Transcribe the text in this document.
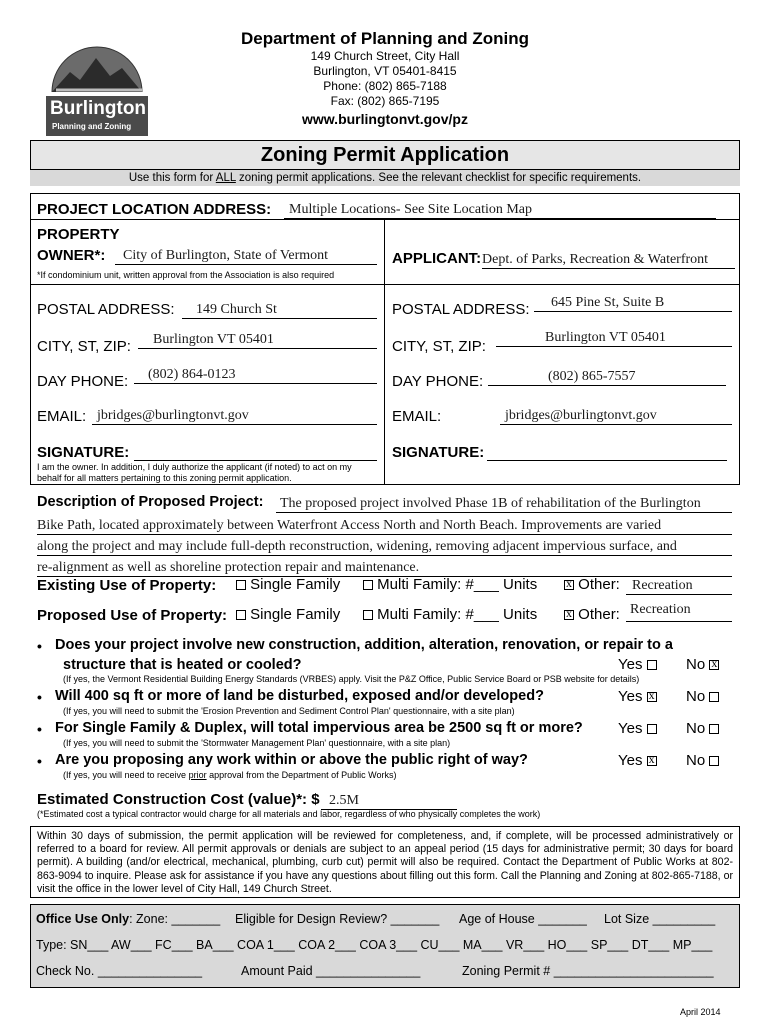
Burlington
Planning and Zoning
Department of Planning and Zoning
149 Church Street, City Hall
Burlington, VT 05401-8415
Phone: (802) 865-7188
Fax: (802) 865-7195
www.burlingtonvt.gov/pz
Zoning Permit Application
Use this form for ALL zoning permit applications. See the relevant checklist for specific requirements.
PROJECT LOCATION ADDRESS:	Multiple Locations- See Site Location Map
PROPERTY
OWNER*:	City of Burlington, State of Vermont
*If condominium unit, written approval from the Association is also required
APPLICANT: Dept. of Parks, Recreation & Waterfront
POSTAL ADDRESS:	149 Church St
CITY, ST, ZIP:	Burlington VT 05401
DAY PHONE:	(802) 864-0123
EMAIL: jbridges@burlingtonvt.gov
SIGNATURE:
I am the owner. In addition, I duly authorize the applicant (if noted) to act on my behalf for all matters pertaining to this zoning permit application.
POSTAL ADDRESS:	645 Pine St, Suite B
CITY, ST, ZIP:
Burlington VT 05401
DAY PHONE:	(802) 865-7557
EMAIL:	jbridges@burlingtonvt.gov
SIGNATURE:
Description of Proposed Project: The proposed project involved Phase 1B of rehabilitation of the Burlington
Bike Path, located approximately between Waterfront Access North and North Beach. Improvements are varied
along the project and may include full-depth reconstruction, widening, removing adjacent impervious surface, and
re-alignment as well as shoreline protection repair and maintenance.
Existing Use of Property:	Single Family	Multi Family: #___ Units x	Other: Recreation
Proposed Use of Property:	Single Family	Multi Family: #___ Units x	Other: Recreation
• Does your project involve new construction, addition, alteration, renovation, or repair to a
structure that is heated or cooled?	Yes	No x
(If yes, the Vermont Residential Building Energy Standards (VRBES) apply. Visit the P&Z Office, Public Service Board or PSB website for details)
• Will 400 sq ft or more of land be disturbed, exposed and/or developed?	Yes x	No
(If yes, you will need to submit the 'Erosion Prevention and Sediment Control Plan' questionnaire, with a site plan)
• For Single Family & Duplex, will total impervious area be 2500 sq ft or more? Yes	No
(If yes, you will need to submit the 'Stormwater Management Plan' questionnaire, with a site plan)
• Are you proposing any work within or above the public right of way?	Yes x	No
(If yes, you will need to receive prior approval from the Department of Public Works)
Estimated Construction Cost (value)*: $ 2.5M
(*Estimated cost a typical contractor would charge for all materials and labor, regardless of who physically completes the work)
Within 30 days of submission, the permit application will be reviewed for completeness, and, if complete, will be processed administratively or referred to a board for review. All permit approvals or denials are subject to an appeal period (15 days for administrative permit; 30 days for board permit). A building (and/or electrical, mechanical, plumbing, curb cut) permit will also be required. Contact the Department of Public Works at 802-863-9094 to inquire. Please ask for assistance if you have any questions about filling out this form. Call the Planning and Zoning at 802-865-7188, or visit the office in the lower level of City Hall, 149 Church Street.
Office Use Only: Zone: _______ Eligible for Design Review? _______ Age of House _______ Lot Size _________
Type: SN___ AW___ FC___ BA___ COA 1___ COA 2___ COA 3___ CU___ MA___ VR___ HO___ SP___ DT___ MP___
Check No. _______________	Amount Paid _______________	Zoning Permit # _______________________
April 2014
